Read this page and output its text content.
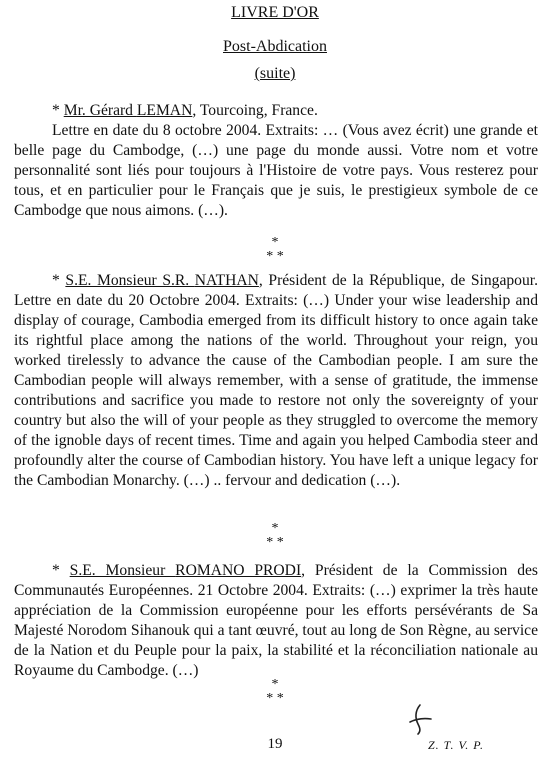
LIVRE D'OR
Post-Abdication
(suite)

* Mr. Gérard LEMAN, Tourcoing, France.

Lettre en date du 8 octobre 2004. Extraits: … (Vous avez écrit) une grande et belle page du Cambodge, (…) une page du monde aussi. Votre nom et votre personnalité sont liés pour toujours à l'Histoire de votre pays. Vous resterez pour tous, et en particulier pour le Français que je suis, le prestigieux symbole de ce Cambodge que nous aimons. (…).

*
* *

* S.E. Monsieur S.R. NATHAN, Président de la République, de Singapour. Lettre en date du 20 Octobre 2004. Extraits: (…) Under your wise leadership and display of courage, Cambodia emerged from its difficult history to once again take its rightful place among the nations of the world. Throughout your reign, you worked tirelessly to advance the cause of the Cambodian people. I am sure the Cambodian people will always remember, with a sense of gratitude, the immense contributions and sacrifice you made to restore not only the sovereignty of your country but also the will of your people as they struggled to overcome the memory of the ignoble days of recent times. Time and again you helped Cambodia steer and profoundly alter the course of Cambodian history. You have left a unique legacy for the Cambodian Monarchy. (…) .. fervour and dedication (…).

*
* *

* S.E. Monsieur ROMANO PRODI, Président de la Commission des Communautés Européennes. 21 Octobre 2004. Extraits: (…) exprimer la très haute appréciation de la Commission européenne pour les efforts persévérants de Sa Majesté Norodom Sihanouk qui a tant œuvré, tout au long de Son Règne, au service de la Nation et du Peuple pour la paix, la stabilité et la réconciliation nationale au Royaume du Cambodge. (…)

*
* *
19	Z. T. V. P.
